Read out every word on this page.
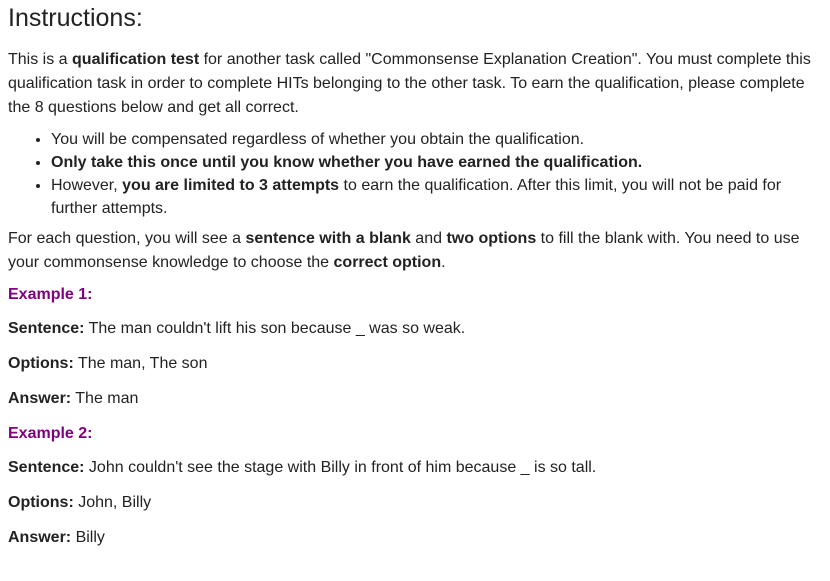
Instructions:

This is a qualification test for another task called "Commonsense Explanation Creation". You must complete this qualification task in order to complete HITs belonging to the other task. To earn the qualification, please complete the 8 questions below and get all correct.

• You will be compensated regardless of whether you obtain the qualification.
• Only take this once until you know whether you have earned the qualification.
• However, you are limited to 3 attempts to earn the qualification. After this limit, you will not be paid for further attempts.

For each question, you will see a sentence with a blank and two options to fill the blank with. You need to use your commonsense knowledge to choose the correct option.

Example 1:
Sentence: The man couldn't lift his son because _ was so weak.
Options: The man, The son
Answer: The man
Example 2:
Sentence: John couldn't see the stage with Billy in front of him because _ is so tall.
Options: John, Billy
Answer: Billy
